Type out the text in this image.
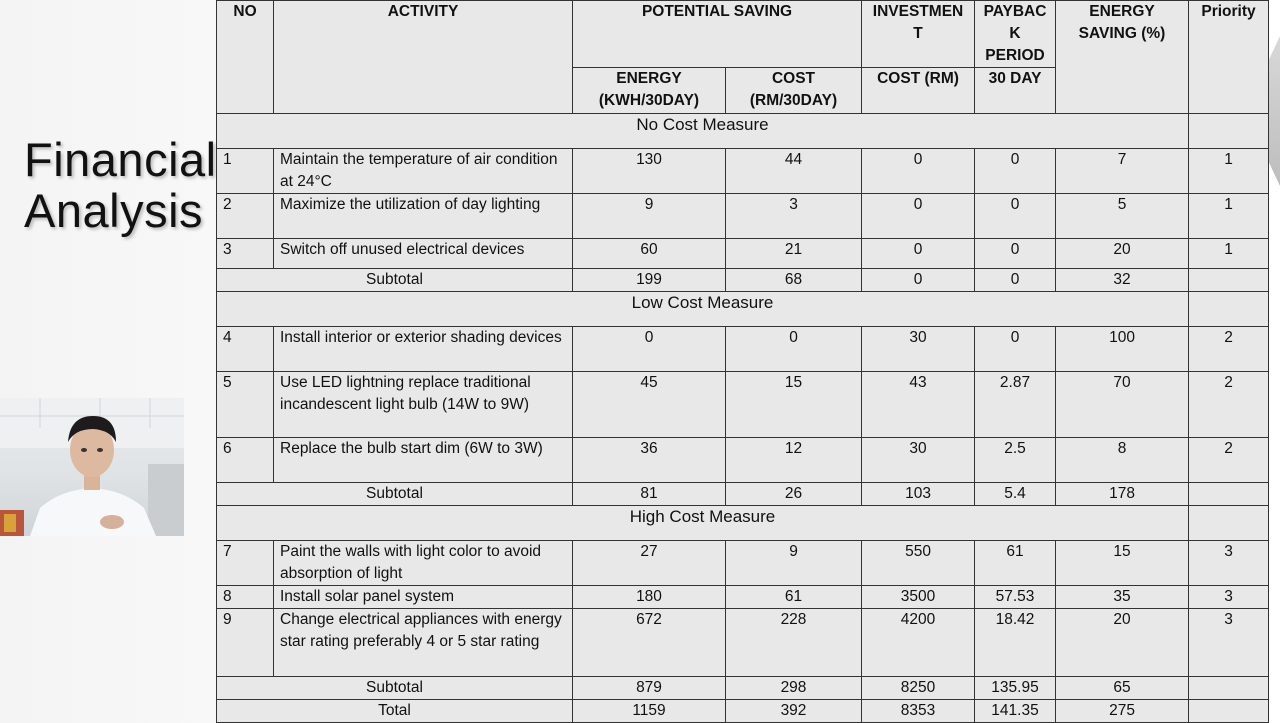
Financial
Analysis
NO	ACTIVITY	POTENTIAL SAVING		INVESTMEN T	PAYBAC K PERIOD	ENERGY SAVING (%)	Priority
		ENERGY (KWH/30DAY)	COST (RM/30DAY)	COST (RM)	30 DAY		
No Cost Measure							
1	Maintain the temperature of air condition at 24°C	130	44	0	0	7	1
2	Maximize the utilization of day lighting	9	3	0	0	5	1
3	Switch off unused electrical devices	60	21	0	0	20	1
Subtotal		199	68	0	0	32	
Low Cost Measure							
4	Install interior or exterior shading devices	0	0	30	0	100	2
5	Use LED lightning replace traditional incandescent light bulb (14W to 9W)	45	15	43	2.87	70	2
6	Replace the bulb start dim (6W to 3W)	36	12	30	2.5	8	2
Subtotal		81	26	103	5.4	178	
High Cost Measure							
7	Paint the walls with light color to avoid absorption of light	27	9	550	61	15	3
8	Install solar panel system	180	61	3500	57.53	35	3
9	Change electrical appliances with energy star rating preferably 4 or 5 star rating	672	228	4200	18.42	20	3
Subtotal		879	298	8250	135.95	65	
Total		1159	392	8353	141.35	275	
